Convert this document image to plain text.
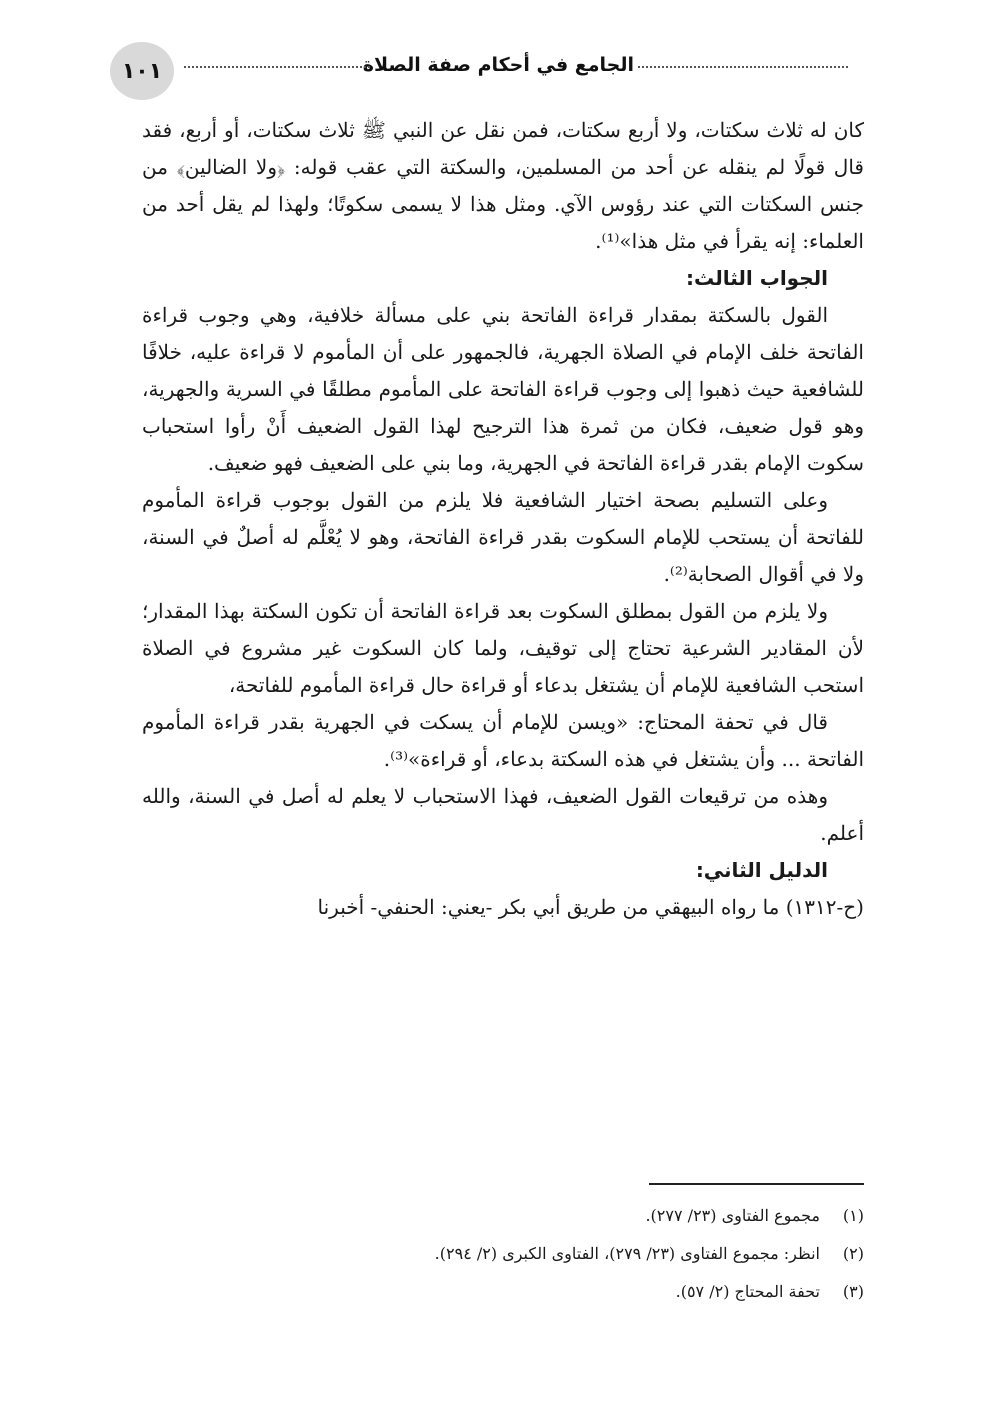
الجامع في أحكام صفة الصلاة
١٠١

كان له ثلاث سكتات، ولا أربع سكتات، فمن نقل عن النبي ﷺ ثلاث سكتات، أو أربع، فقد قال قولًا لم ينقله عن أحد من المسلمين، والسكتة التي عقب قوله: ﴿ولا الضالين﴾ من جنس السكتات التي عند رؤوس الآي. ومثل هذا لا يسمى سكوتًا؛ ولهذا لم يقل أحد من العلماء: إنه يقرأ في مثل هذا»⁽¹⁾.

الجواب الثالث:

القول بالسكتة بمقدار قراءة الفاتحة بني على مسألة خلافية، وهي وجوب قراءة الفاتحة خلف الإمام في الصلاة الجهرية، فالجمهور على أن المأموم لا قراءة عليه، خلافًا للشافعية حيث ذهبوا إلى وجوب قراءة الفاتحة على المأموم مطلقًا في السرية والجهرية، وهو قول ضعيف، فكان من ثمرة هذا الترجيح لهذا القول الضعيف أَنْ رأوا استحباب سكوت الإمام بقدر قراءة الفاتحة في الجهرية، وما بني على الضعيف فهو ضعيف.

وعلى التسليم بصحة اختيار الشافعية فلا يلزم من القول بوجوب قراءة المأموم للفاتحة أن يستحب للإمام السكوت بقدر قراءة الفاتحة، وهو لا يُعْلَّم له أصلٌ في السنة، ولا في أقوال الصحابة⁽²⁾.

ولا يلزم من القول بمطلق السكوت بعد قراءة الفاتحة أن تكون السكتة بهذا المقدار؛ لأن المقادير الشرعية تحتاج إلى توقيف، ولما كان السكوت غير مشروع في الصلاة استحب الشافعية للإمام أن يشتغل بدعاء أو قراءة حال قراءة المأموم للفاتحة،

قال في تحفة المحتاج: «ويسن للإمام أن يسكت في الجهرية بقدر قراءة المأموم الفاتحة ... وأن يشتغل في هذه السكتة بدعاء، أو قراءة»⁽³⁾.

وهذه من ترقيعات القول الضعيف، فهذا الاستحباب لا يعلم له أصل في السنة، والله أعلم.

الدليل الثاني:

(ح-١٣١٢) ما رواه البيهقي من طريق أبي بكر -يعني: الحنفي- أخبرنا

(١)
مجموع الفتاوى (٢٣/ ٢٧٧).
(٢)
انظر: مجموع الفتاوى (٢٣/ ٢٧٩)، الفتاوى الكبرى (٢/ ٢٩٤).
(٣)
تحفة المحتاج (٢/ ٥٧).
